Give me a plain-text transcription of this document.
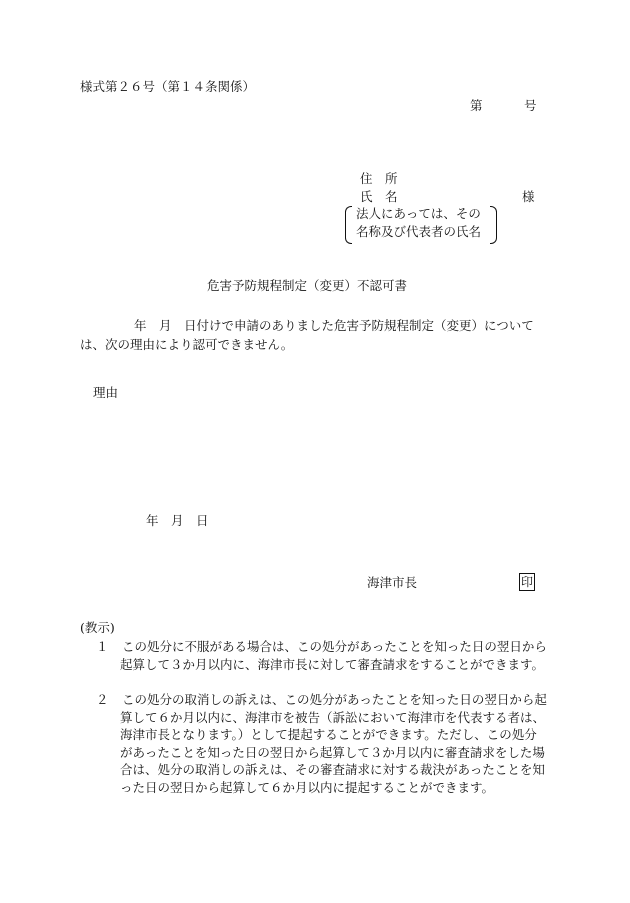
様式第２６号（第１４条関係）
第	号
住　所
氏　名	様
法人にあっては、その
名称及び代表者の氏名
危害予防規程制定（変更）不認可書
年　月　日付けで申請のありました危害予防規程制定（変更）については、次の理由により認可できません。
理由
年　月　日
海津市長	印
(教示)
１	この処分に不服がある場合は、この処分があったことを知った日の翌日から起算して３か月以内に、海津市長に対して審査請求をすることができます。
２	この処分の取消しの訴えは、この処分があったことを知った日の翌日から起算して６か月以内に、海津市を被告（訴訟において海津市を代表する者は、海津市長となります。）として提起することができます。ただし、この処分があったことを知った日の翌日から起算して３か月以内に審査請求をした場合は、処分の取消しの訴えは、その審査請求に対する裁決があったことを知った日の翌日から起算して６か月以内に提起することができます。
